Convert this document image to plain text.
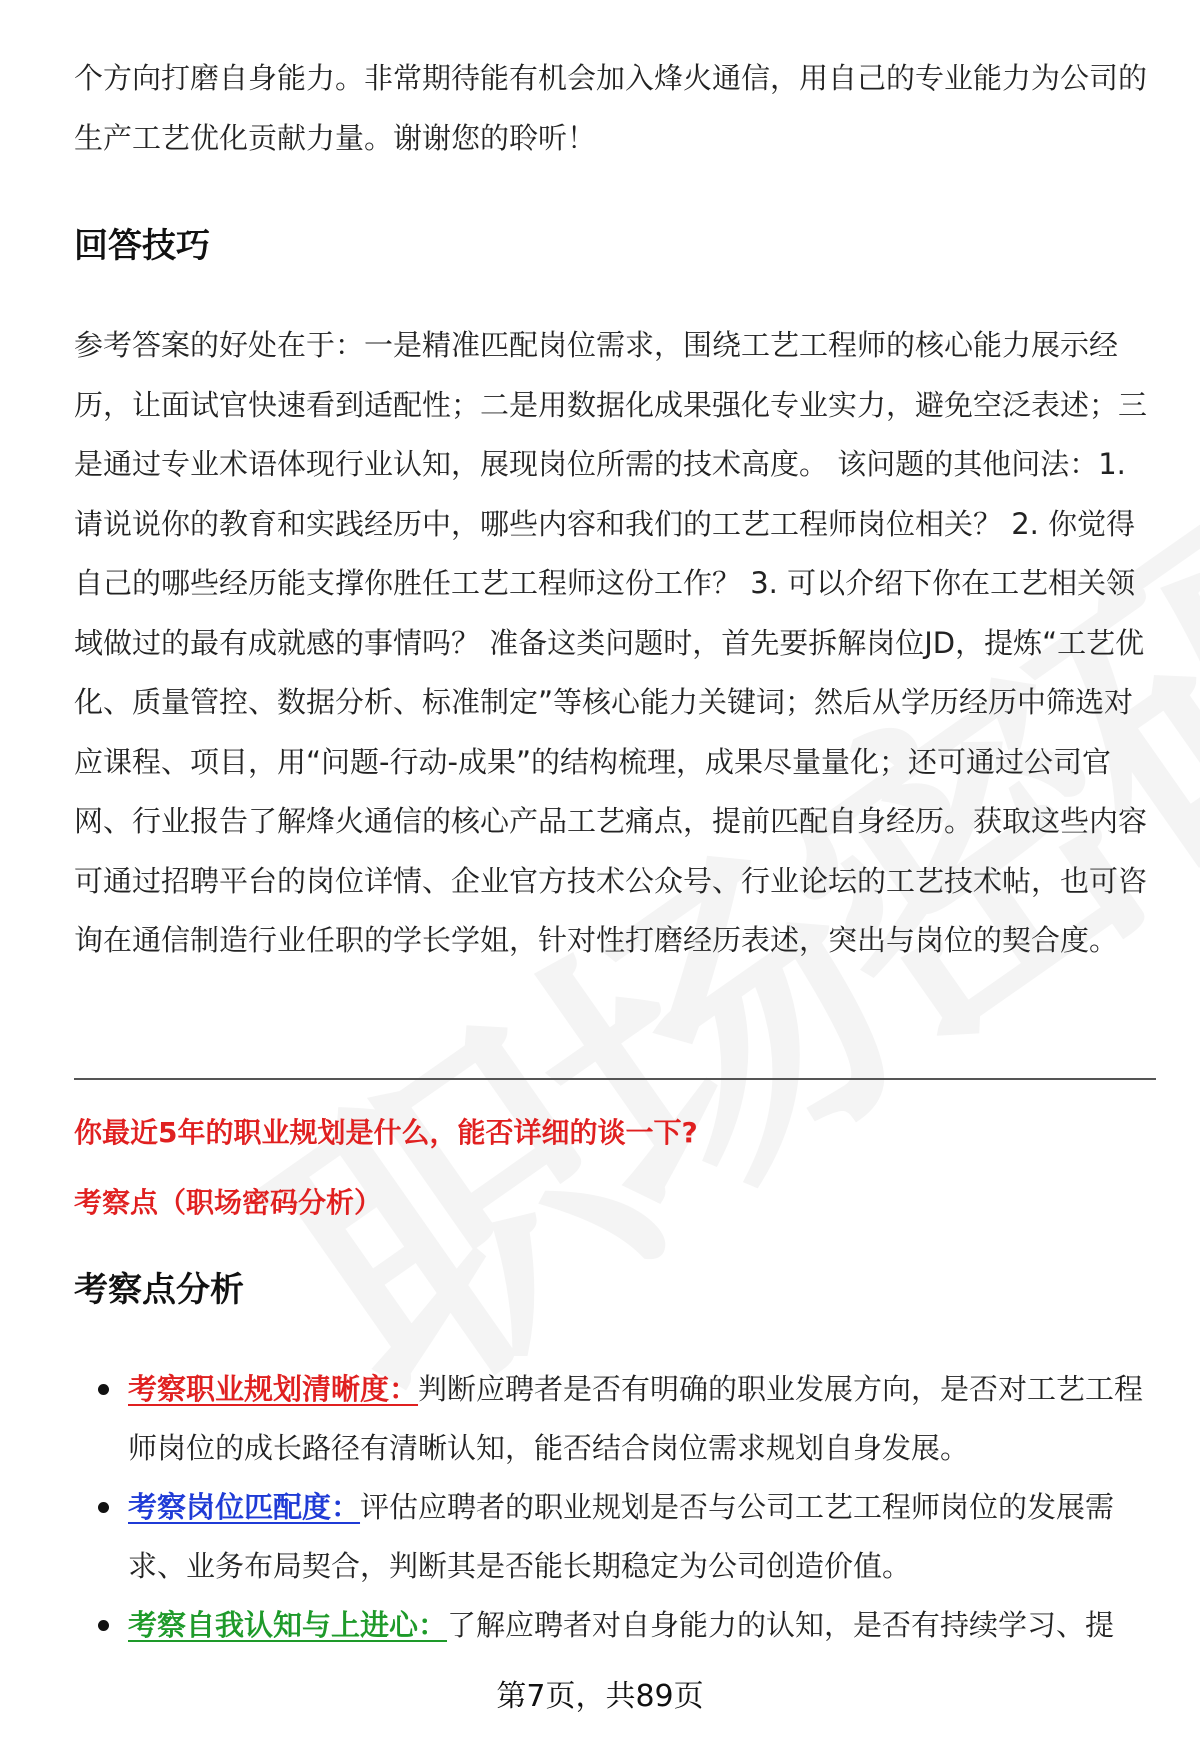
个方向打磨自身能力。非常期待能有机会加入烽火通信，用自己的专业能力为公司的生产工艺优化贡献力量。谢谢您的聆听！

回答技巧

参考答案的好处在于：一是精准匹配岗位需求，围绕工艺工程师的核心能力展示经历，让面试官快速看到适配性；二是用数据化成果强化专业实力，避免空泛表述；三是通过专业术语体现行业认知，展现岗位所需的技术高度。 该问题的其他问法：1. 请说说你的教育和实践经历中，哪些内容和我们的工艺工程师岗位相关？ 2. 你觉得自己的哪些经历能支撑你胜任工艺工程师这份工作？ 3. 可以介绍下你在工艺相关领域做过的最有成就感的事情吗？ 准备这类问题时，首先要拆解岗位JD，提炼“工艺优化、质量管控、数据分析、标准制定”等核心能力关键词；然后从学历经历中筛选对应课程、项目，用“问题-行动-成果”的结构梳理，成果尽量量化；还可通过公司官网、行业报告了解烽火通信的核心产品工艺痛点，提前匹配自身经历。获取这些内容可通过招聘平台的岗位详情、企业官方技术公众号、行业论坛的工艺技术帖，也可咨询在通信制造行业任职的学长学姐，针对性打磨经历表述，突出与岗位的契合度。

你最近5年的职业规划是什么，能否详细的谈一下?

考察点（职场密码分析）

考察点分析
考察职业规划清晰度：判断应聘者是否有明确的职业发展方向，是否对工艺工程师岗位的成长路径有清晰认知，能否结合岗位需求规划自身发展。
考察岗位匹配度：评估应聘者的职业规划是否与公司工艺工程师岗位的发展需求、业务布局契合，判断其是否能长期稳定为公司创造价值。
考察自我认知与上进心：了解应聘者对自身能力的认知，是否有持续学习、提
第7页，共89页
